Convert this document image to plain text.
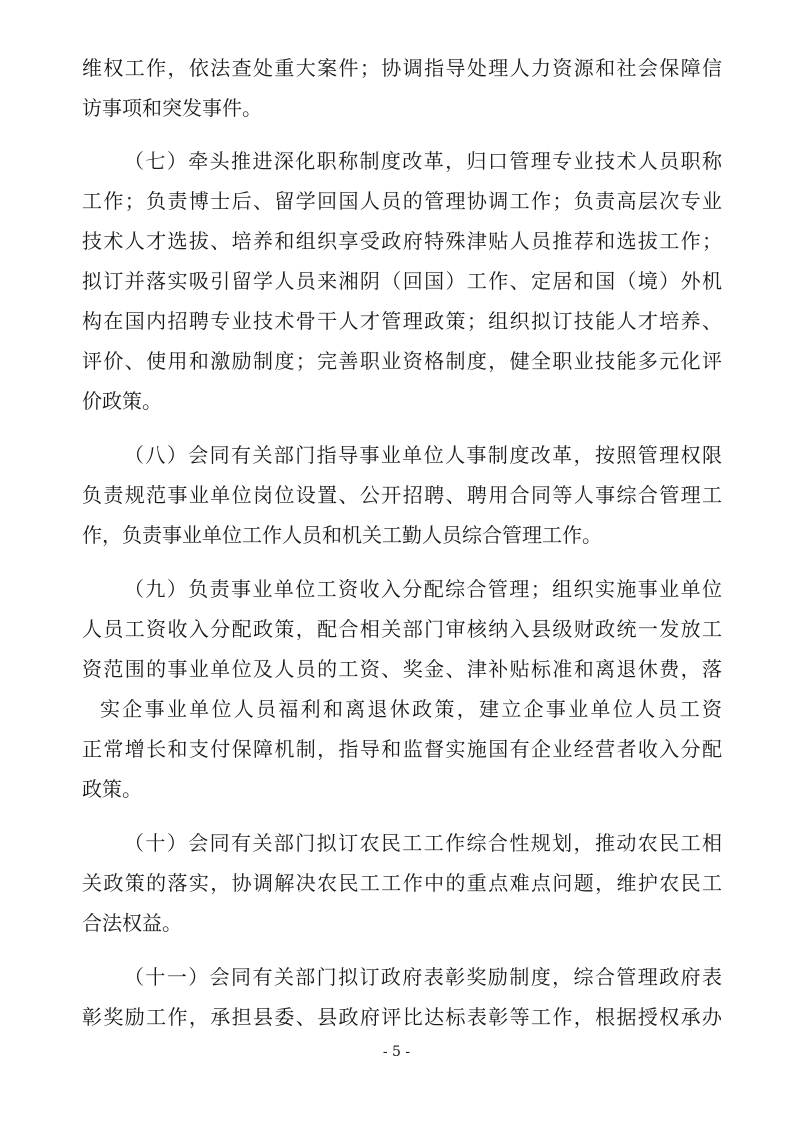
维权工作，依法查处重大案件；协调指导处理人力资源和社会保障信
访事项和突发事件。
（七）牵头推进深化职称制度改革，归口管理专业技术人员职称
工作；负责博士后、留学回国人员的管理协调工作；负责高层次专业
技术人才选拔、培养和组织享受政府特殊津贴人员推荐和选拔工作；
拟订并落实吸引留学人员来湘阴（回国）工作、定居和国（境）外机
构在国内招聘专业技术骨干人才管理政策；组织拟订技能人才培养、
评价、使用和激励制度；完善职业资格制度，健全职业技能多元化评
价政策。
（八）会同有关部门指导事业单位人事制度改革，按照管理权限
负责规范事业单位岗位设置、公开招聘、聘用合同等人事综合管理工
作，负责事业单位工作人员和机关工勤人员综合管理工作。
（九）负责事业单位工资收入分配综合管理；组织实施事业单位
人员工资收入分配政策，配合相关部门审核纳入县级财政统一发放工
资范围的事业单位及人员的工资、奖金、津补贴标准和离退休费，落
实企事业单位人员福利和离退休政策，建立企事业单位人员工资
正常增长和支付保障机制，指导和监督实施国有企业经营者收入分配
政策。
（十）会同有关部门拟订农民工工作综合性规划，推动农民工相
关政策的落实，协调解决农民工工作中的重点难点问题，维护农民工
合法权益。
（十一）会同有关部门拟订政府表彰奖励制度，综合管理政府表
彰奖励工作，承担县委、县政府评比达标表彰等工作，根据授权承办
- 5 -
